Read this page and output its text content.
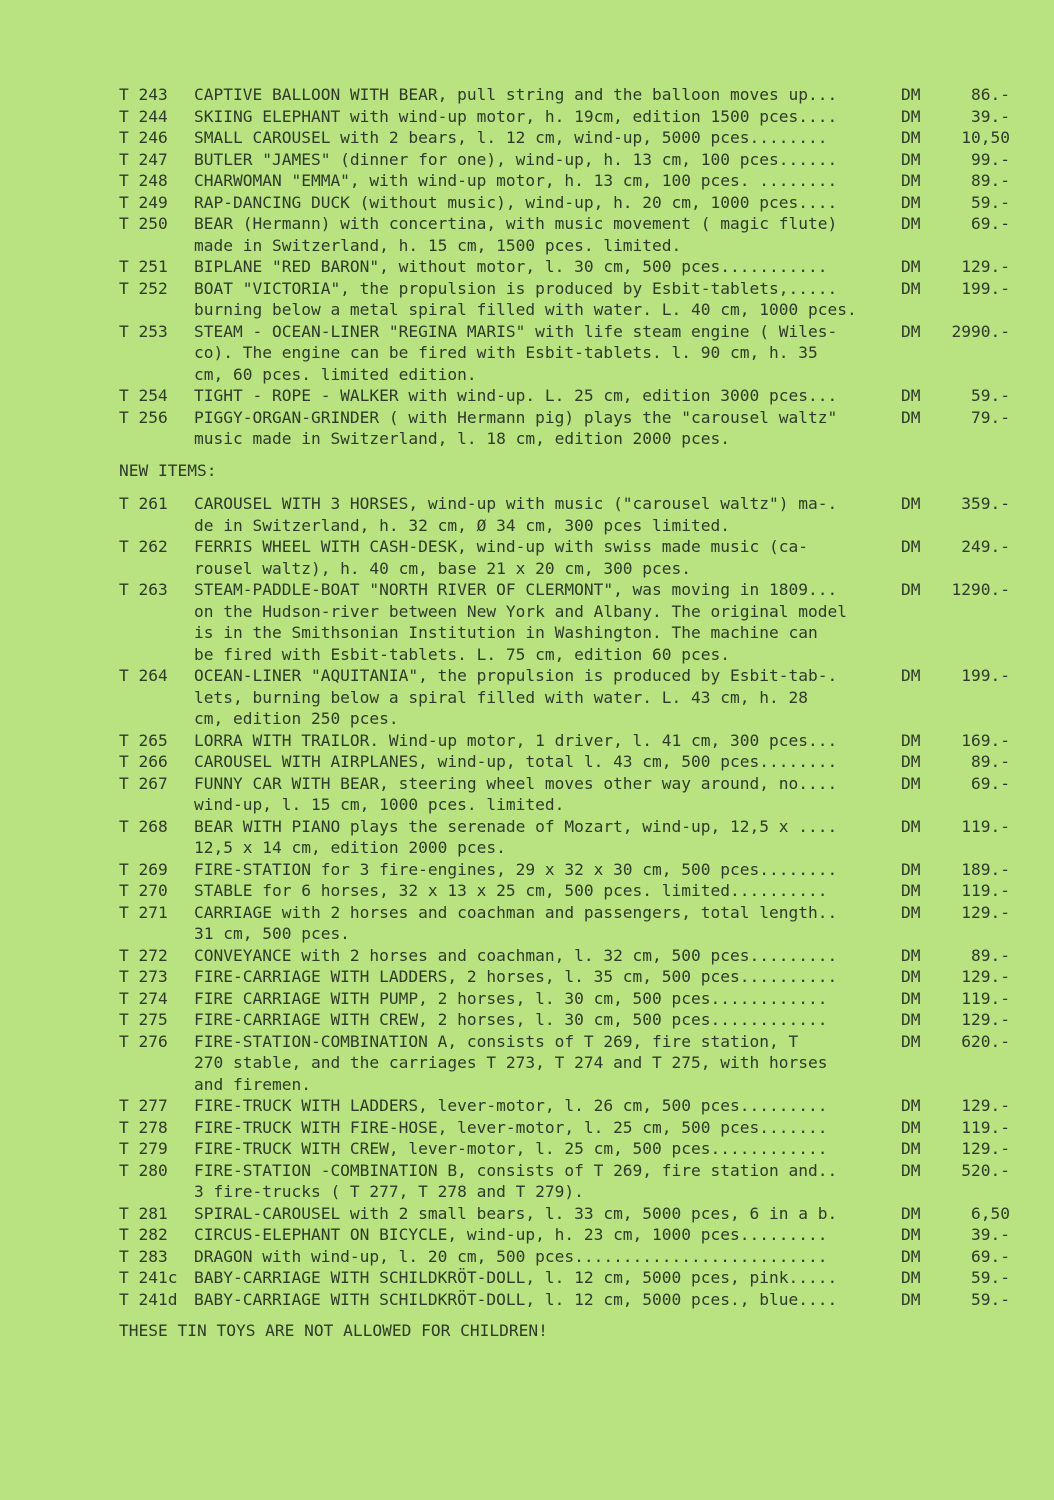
T 243 CAPTIVE BALLOON WITH BEAR, pull string and the balloon moves up...	DM	86.-
T 244 SKIING ELEPHANT with wind-up motor, h. 19cm, edition 1500 pces....	DM	39.-
T 246 SMALL CAROUSEL with 2 bears, l. 12 cm, wind-up, 5000 pces........	DM	10,50
T 247 BUTLER "JAMES" (dinner for one), wind-up, h. 13 cm, 100 pces......	DM	99.-
T 248 CHARWOMAN "EMMA", with wind-up motor, h. 13 cm, 100 pces. ........	DM	89.-
T 249 RAP-DANCING DUCK (without music), wind-up, h. 20 cm, 1000 pces....	DM	59.-
T 250 BEAR (Hermann) with concertina, with music movement ( magic flute)	DM	69.-
made in Switzerland, h. 15 cm, 1500 pces. limited.
T 251 BIPLANE "RED BARON", without motor, l. 30 cm, 500 pces...........	DM	129.-
T 252 BOAT "VICTORIA", the propulsion is produced by Esbit-tablets,.....	DM	199.-
burning below a metal spiral filled with water. L. 40 cm, 1000 pces.
T 253 STEAM - OCEAN-LINER "REGINA MARIS" with life steam engine ( Wiles-	DM 2990.-
co). The engine can be fired with Esbit-tablets. l. 90 cm, h. 35
cm, 60 pces. limited edition.
T 254 TIGHT - ROPE - WALKER with wind-up. L. 25 cm, edition 3000 pces...	DM	59.-
T 256 PIGGY-ORGAN-GRINDER ( with Hermann pig) plays the "carousel waltz"	DM	79.-
music made in Switzerland, l. 18 cm, edition 2000 pces.
NEW ITEMS:
T 261 CAROUSEL WITH 3 HORSES, wind-up with music ("carousel waltz") ma-.	DM	359.-
de in Switzerland, h. 32 cm, Ø 34 cm, 300 pces limited.
T 262 FERRIS WHEEL WITH CASH-DESK, wind-up with swiss made music (ca-	DM	249.-
rousel waltz), h. 40 cm, base 21 x 20 cm, 300 pces.
T 263 STEAM-PADDLE-BOAT "NORTH RIVER OF CLERMONT", was moving in 1809...	DM 1290.-
on the Hudson-river between New York and Albany. The original model
is in the Smithsonian Institution in Washington. The machine can
be fired with Esbit-tablets. L. 75 cm, edition 60 pces.
T 264 OCEAN-LINER "AQUITANIA", the propulsion is produced by Esbit-tab-.	DM	199.-
lets, burning below a spiral filled with water. L. 43 cm, h. 28
cm, edition 250 pces.
T 265 LORRA WITH TRAILOR. Wind-up motor, 1 driver, l. 41 cm, 300 pces...	DM	169.-
T 266 CAROUSEL WITH AIRPLANES, wind-up, total l. 43 cm, 500 pces........	DM	89.-
T 267 FUNNY CAR WITH BEAR, steering wheel moves other way around, no....	DM	69.-
wind-up, l. 15 cm, 1000 pces. limited.
T 268 BEAR WITH PIANO plays the serenade of Mozart, wind-up, 12,5 x ....	DM	119.-
12,5 x 14 cm, edition 2000 pces.
T 269 FIRE-STATION for 3 fire-engines, 29 x 32 x 30 cm, 500 pces........	DM	189.-
T 270 STABLE for 6 horses, 32 x 13 x 25 cm, 500 pces. limited..........	DM	119.-
T 271 CARRIAGE with 2 horses and coachman and passengers, total length..	DM	129.-
31 cm, 500 pces.
T 272 CONVEYANCE with 2 horses and coachman, l. 32 cm, 500 pces.........	DM	89.-
T 273 FIRE-CARRIAGE WITH LADDERS, 2 horses, l. 35 cm, 500 pces..........	DM	129.-
T 274 FIRE CARRIAGE WITH PUMP, 2 horses, l. 30 cm, 500 pces............	DM	119.-
T 275 FIRE-CARRIAGE WITH CREW, 2 horses, l. 30 cm, 500 pces............	DM	129.-
T 276 FIRE-STATION-COMBINATION A, consists of T 269, fire station, T	DM	620.-
270 stable, and the carriages T 273, T 274 and T 275, with horses
and firemen.
T 277 FIRE-TRUCK WITH LADDERS, lever-motor, l. 26 cm, 500 pces.........	DM	129.-
T 278 FIRE-TRUCK WITH FIRE-HOSE, lever-motor, l. 25 cm, 500 pces.......	DM	119.-
T 279 FIRE-TRUCK WITH CREW, lever-motor, l. 25 cm, 500 pces............	DM	129.-
T 280 FIRE-STATION -COMBINATION B, consists of T 269, fire station and..	DM	520.-
3 fire-trucks ( T 277, T 278 and T 279).
T 281 SPIRAL-CAROUSEL with 2 small bears, l. 33 cm, 5000 pces, 6 in a b.	DM	6,50
T 282 CIRCUS-ELEPHANT ON BICYCLE, wind-up, h. 23 cm, 1000 pces.........	DM	39.-
T 283 DRAGON with wind-up, l. 20 cm, 500 pces..........................	DM	69.-
T 241c BABY-CARRIAGE WITH SCHILDKRÖT-DOLL, l. 12 cm, 5000 pces, pink.....	DM	59.-
T 241d BABY-CARRIAGE WITH SCHILDKRÖT-DOLL, l. 12 cm, 5000 pces., blue....	DM	59.-
THESE TIN TOYS ARE NOT ALLOWED FOR CHILDREN!
